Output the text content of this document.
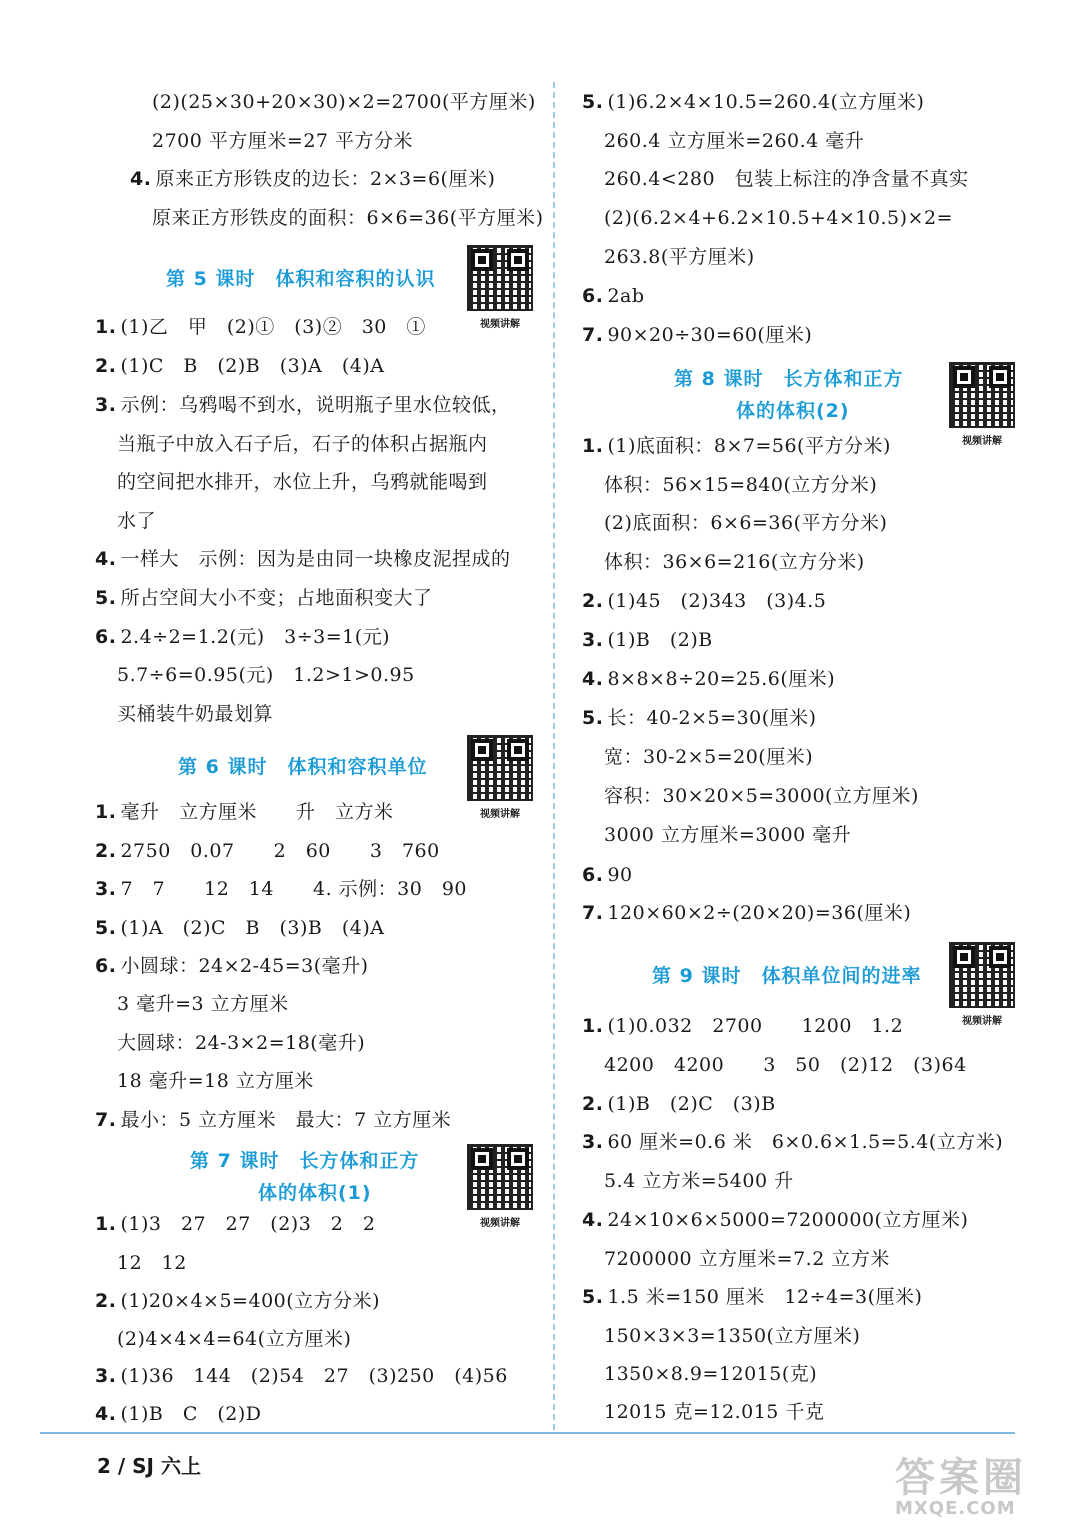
第 5 课时　体积和容积的认识
第 6 课时　体积和容积单位
第 7 课时　长方体和正方
体的体积(1)
视频讲解
视频讲解
视频讲解
(2)(25×30+20×30)×2=2700(平方厘米)
2700 平方厘米=27 平方分米
4. 原来正方形铁皮的边长：2×3=6(厘米)
原来正方形铁皮的面积：6×6=36(平方厘米)
1. (1)乙　甲　(2)①　(3)②　30　①
2. (1)C　B　(2)B　(3)A　(4)A
3. 示例：乌鸦喝不到水，说明瓶子里水位较低，
当瓶子中放入石子后，石子的体积占据瓶内
的空间把水排开，水位上升，乌鸦就能喝到
水了
4. 一样大　示例：因为是由同一块橡皮泥捏成的
5. 所占空间大小不变；占地面积变大了
6. 2.4÷2=1.2(元)　3÷3=1(元)
5.7÷6=0.95(元)　1.2>1>0.95
买桶装牛奶最划算
1. 毫升　立方厘米　　升　立方米
2. 2750　0.07　　2　60　　3　760
3. 7　7　　12　14　　4. 示例：30　90
5. (1)A　(2)C　B　(3)B　(4)A
6. 小圆球：24×2-45=3(毫升)
3 毫升=3 立方厘米
大圆球：24-3×2=18(毫升)
18 毫升=18 立方厘米
7. 最小：5 立方厘米　最大：7 立方厘米
1. (1)3　27　27　(2)3　2　2
12　12
2. (1)20×4×5=400(立方分米)
(2)4×4×4=64(立方厘米)
3. (1)36　144　(2)54　27　(3)250　(4)56
4. (1)B　C　(2)D
第 8 课时　长方体和正方
体的体积(2)
第 9 课时　体积单位间的进率
视频讲解
视频讲解
5. (1)6.2×4×10.5=260.4(立方厘米)
260.4 立方厘米=260.4 毫升
260.4<280　包装上标注的净含量不真实
(2)(6.2×4+6.2×10.5+4×10.5)×2=
263.8(平方厘米)
6. 2ab
7. 90×20÷30=60(厘米)
1. (1)底面积：8×7=56(平方分米)
体积：56×15=840(立方分米)
(2)底面积：6×6=36(平方分米)
体积：36×6=216(立方分米)
2. (1)45　(2)343　(3)4.5
3. (1)B　(2)B
4. 8×8×8÷20=25.6(厘米)
5. 长：40-2×5=30(厘米)
宽：30-2×5=20(厘米)
容积：30×20×5=3000(立方厘米)
3000 立方厘米=3000 毫升
6. 90
7. 120×60×2÷(20×20)=36(厘米)
1. (1)0.032　2700　　1200　1.2
4200　4200　　3　50　(2)12　(3)64
2. (1)B　(2)C　(3)B
3. 60 厘米=0.6 米　6×0.6×1.5=5.4(立方米)
5.4 立方米=5400 升
4. 24×10×6×5000=7200000(立方厘米)
7200000 立方厘米=7.2 立方米
5. 1.5 米=150 厘米　12÷4=3(厘米)
150×3×3=1350(立方厘米)
1350×8.9=12015(克)
12015 克=12.015 千克
2 / SJ 六上	答案圈
MXQE.COM
